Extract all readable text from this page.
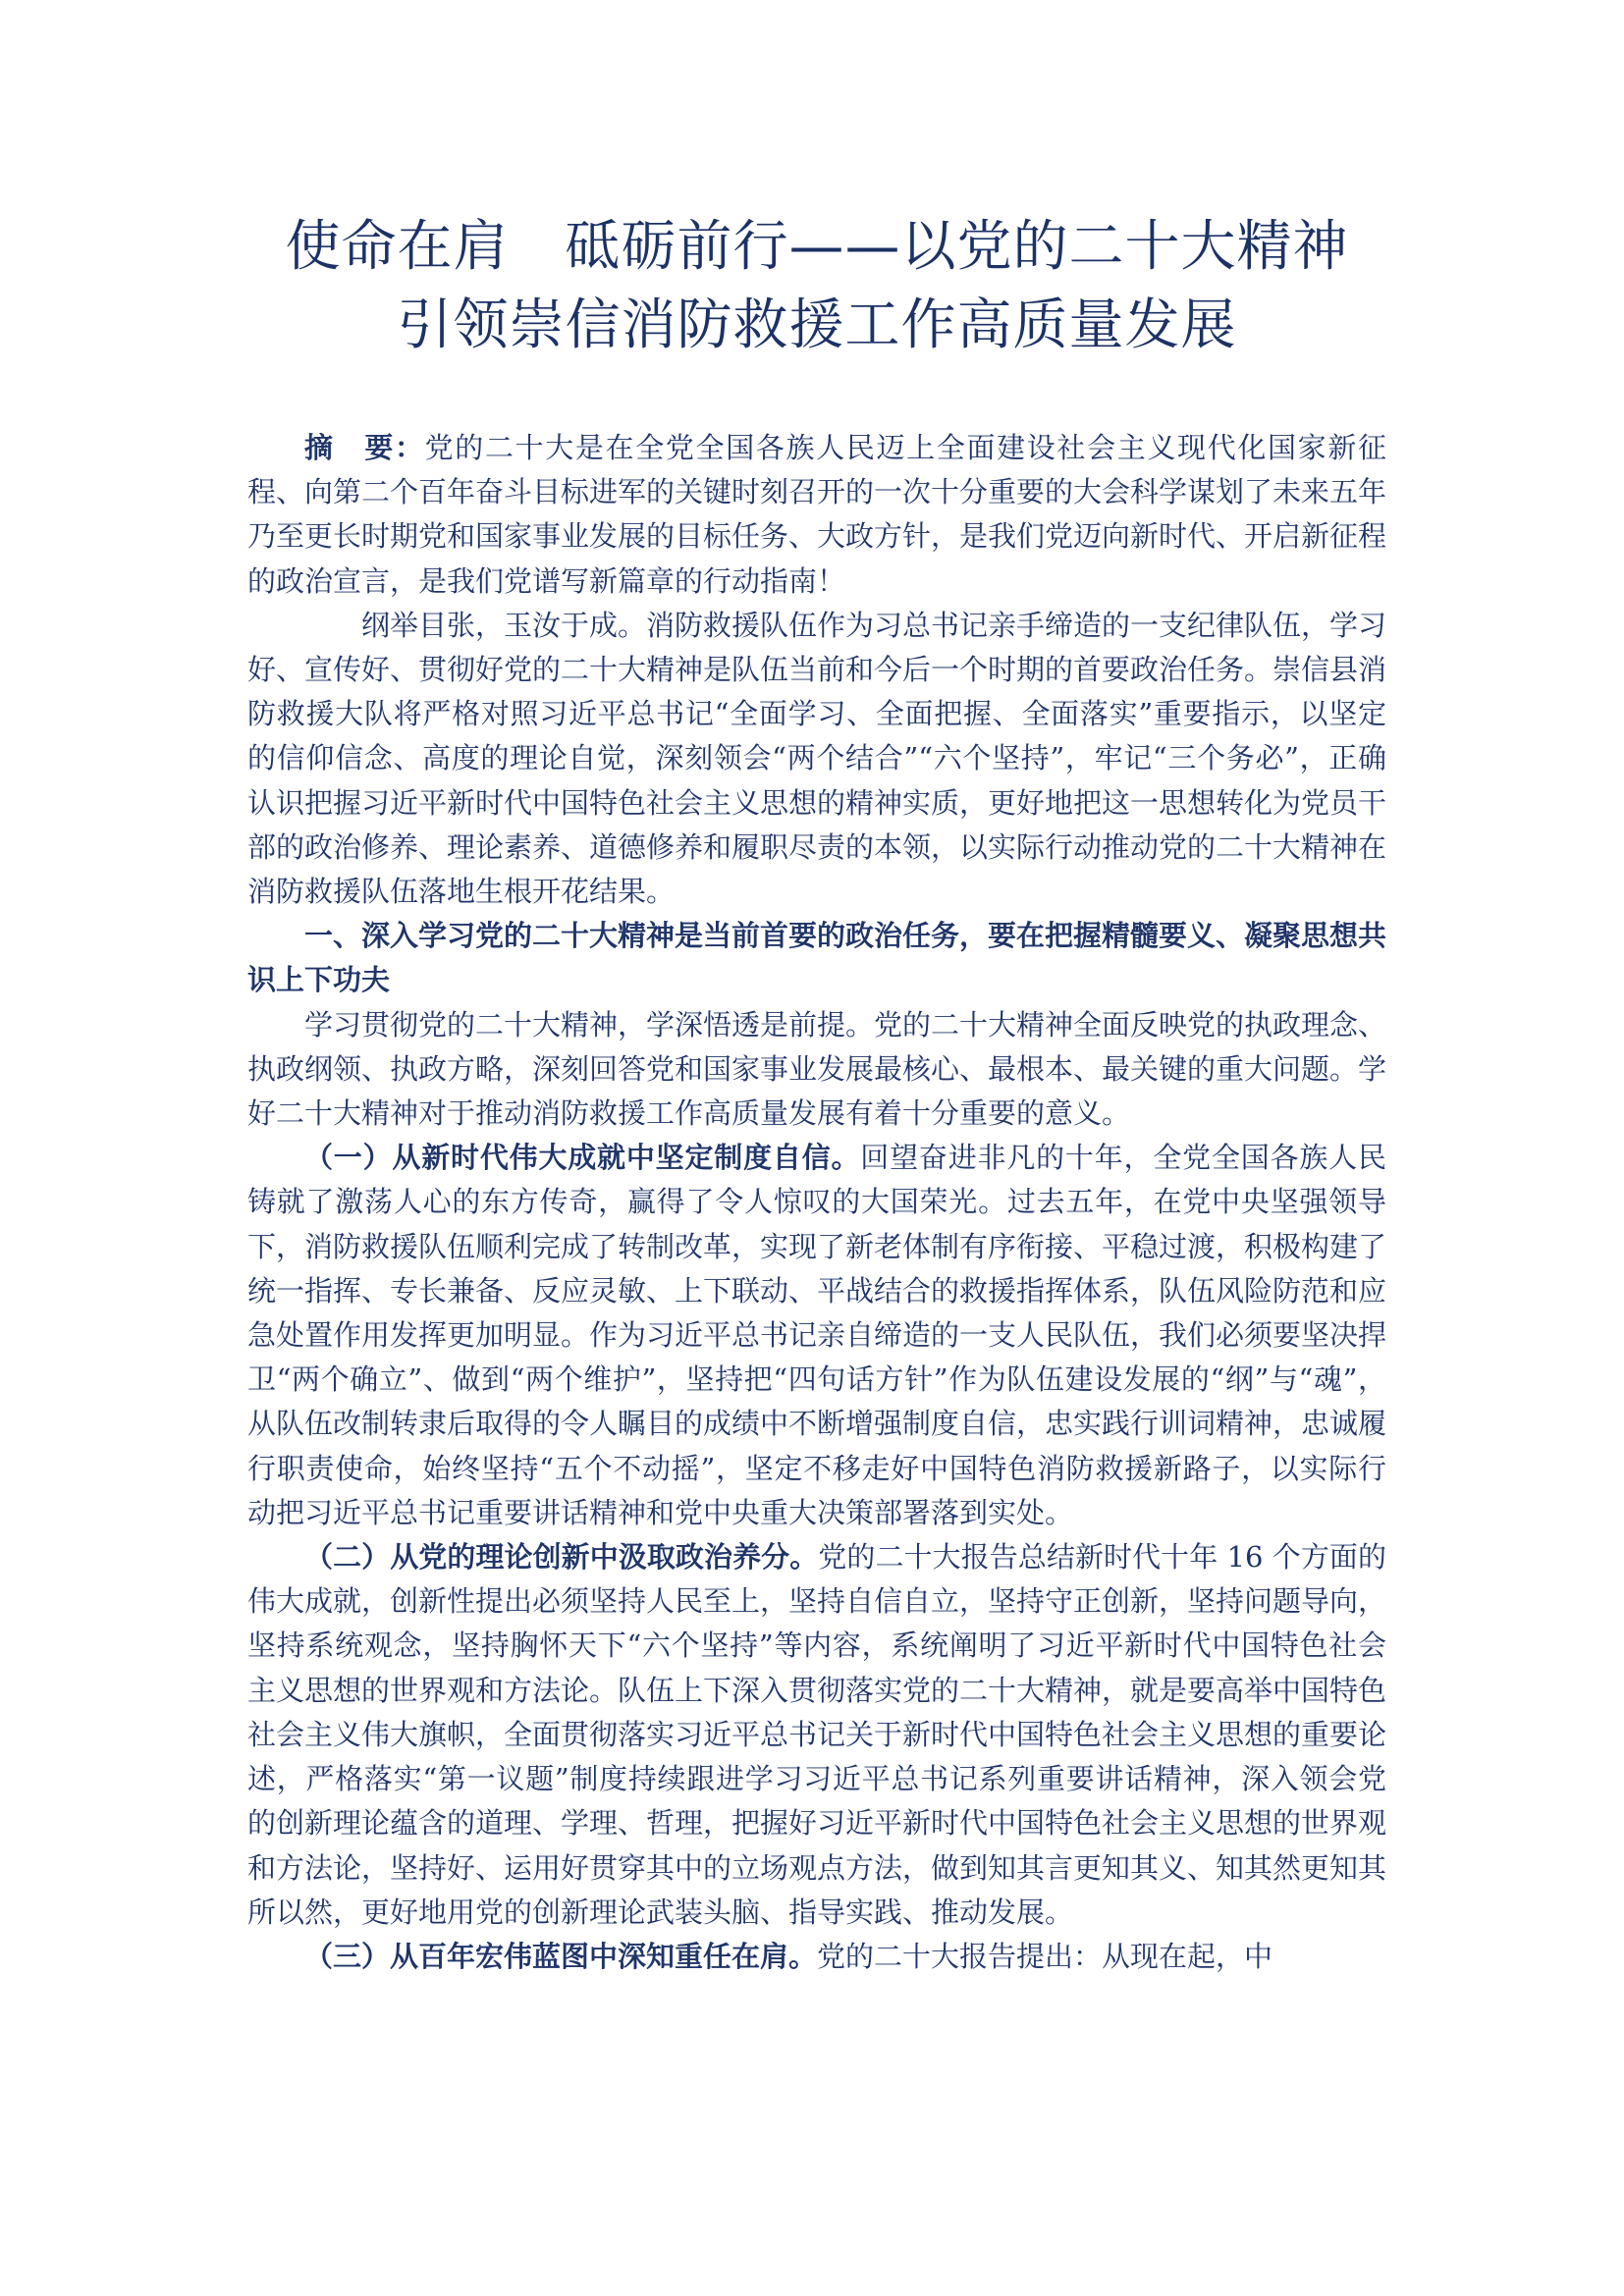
使命在肩　砥砺前行——以党的二十大精神
引领崇信消防救援工作高质量发展

摘　要：党的二十大是在全党全国各族人民迈上全面建设社会主义现代化国家新征程、向第二个百年奋斗目标进军的关键时刻召开的一次十分重要的大会科学谋划了未来五年乃至更长时期党和国家事业发展的目标任务、大政方针，是我们党迈向新时代、开启新征程的政治宣言，是我们党谱写新篇章的行动指南！

纲举目张，玉汝于成。消防救援队伍作为习总书记亲手缔造的一支纪律队伍，学习好、宣传好、贯彻好党的二十大精神是队伍当前和今后一个时期的首要政治任务。崇信县消防救援大队将严格对照习近平总书记“全面学习、全面把握、全面落实”重要指示，以坚定的信仰信念、高度的理论自觉，深刻领会“两个结合”“六个坚持”，牢记“三个务必”，正确认识把握习近平新时代中国特色社会主义思想的精神实质，更好地把这一思想转化为党员干部的政治修养、理论素养、道德修养和履职尽责的本领，以实际行动推动党的二十大精神在消防救援队伍落地生根开花结果。

一、深入学习党的二十大精神是当前首要的政治任务，要在把握精髓要义、凝聚思想共识上下功夫

学习贯彻党的二十大精神，学深悟透是前提。党的二十大精神全面反映党的执政理念、执政纲领、执政方略，深刻回答党和国家事业发展最核心、最根本、最关键的重大问题。学好二十大精神对于推动消防救援工作高质量发展有着十分重要的意义。

（一）从新时代伟大成就中坚定制度自信。回望奋进非凡的十年，全党全国各族人民铸就了激荡人心的东方传奇，赢得了令人惊叹的大国荣光。过去五年，在党中央坚强领导下，消防救援队伍顺利完成了转制改革，实现了新老体制有序衔接、平稳过渡，积极构建了统一指挥、专长兼备、反应灵敏、上下联动、平战结合的救援指挥体系，队伍风险防范和应急处置作用发挥更加明显。作为习近平总书记亲自缔造的一支人民队伍，我们必须要坚决捍卫“两个确立”、做到“两个维护”，坚持把“四句话方针”作为队伍建设发展的“纲”与“魂”，从队伍改制转隶后取得的令人瞩目的成绩中不断增强制度自信，忠实践行训词精神，忠诚履行职责使命，始终坚持“五个不动摇”，坚定不移走好中国特色消防救援新路子，以实际行动把习近平总书记重要讲话精神和党中央重大决策部署落到实处。

（二）从党的理论创新中汲取政治养分。党的二十大报告总结新时代十年 16 个方面的伟大成就，创新性提出必须坚持人民至上，坚持自信自立，坚持守正创新，坚持问题导向，坚持系统观念，坚持胸怀天下“六个坚持”等内容，系统阐明了习近平新时代中国特色社会主义思想的世界观和方法论。队伍上下深入贯彻落实党的二十大精神，就是要高举中国特色社会主义伟大旗帜，全面贯彻落实习近平总书记关于新时代中国特色社会主义思想的重要论述，严格落实“第一议题”制度持续跟进学习习近平总书记系列重要讲话精神，深入领会党的创新理论蕴含的道理、学理、哲理，把握好习近平新时代中国特色社会主义思想的世界观和方法论，坚持好、运用好贯穿其中的立场观点方法，做到知其言更知其义、知其然更知其所以然，更好地用党的创新理论武装头脑、指导实践、推动发展。

（三）从百年宏伟蓝图中深知重任在肩。党的二十大报告提出：从现在起，中
